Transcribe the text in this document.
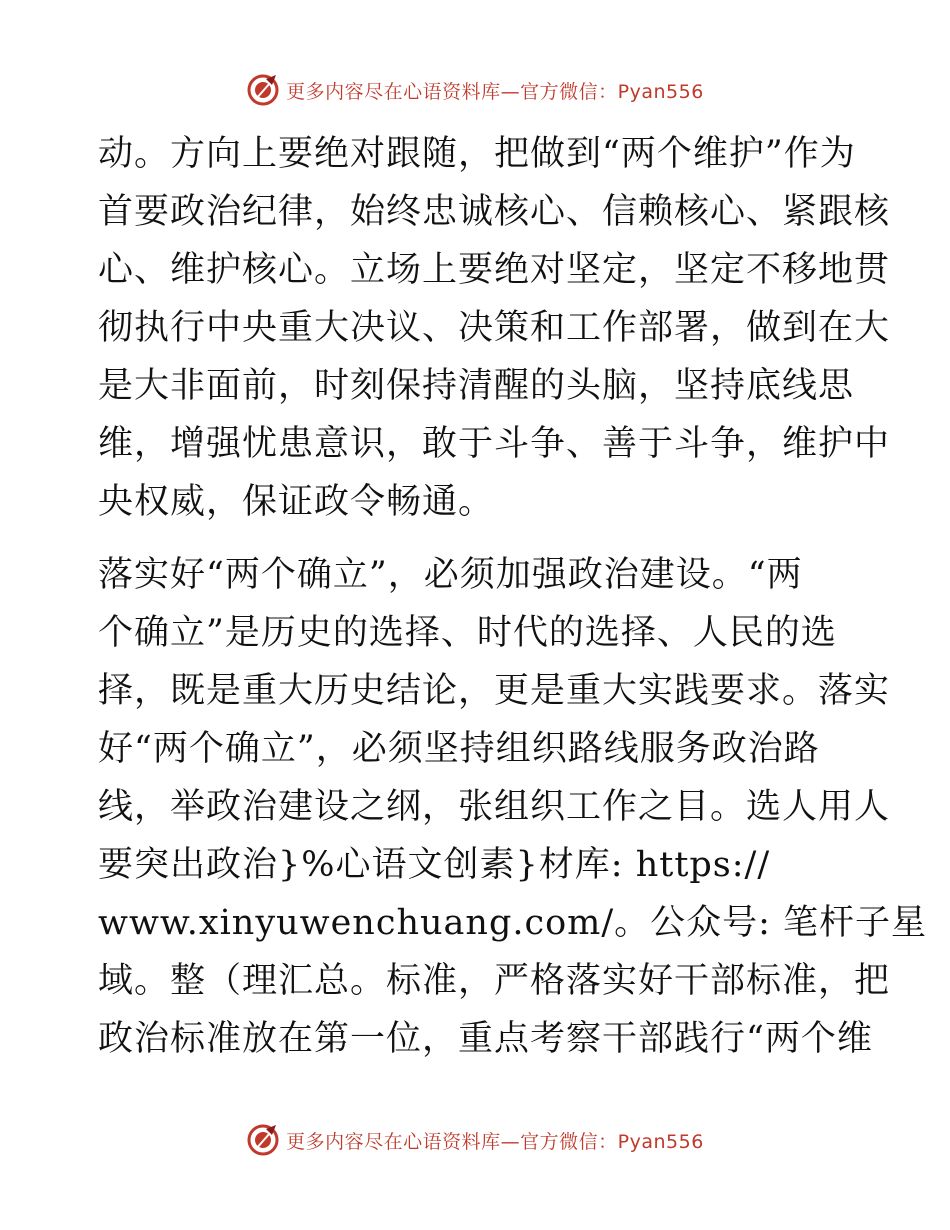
更多内容尽在心语资料库—官方微信：Pyan556
动。方向上要绝对跟随，把做到“两个维护”作为
首要政治纪律，始终忠诚核心、信赖核心、紧跟核
心、维护核心。立场上要绝对坚定，坚定不移地贯
彻执行中央重大决议、决策和工作部署，做到在大
是大非面前，时刻保持清醒的头脑，坚持底线思
维，增强忧患意识，敢于斗争、善于斗争，维护中
央权威，保证政令畅通。
落实好“两个确立”，必须加强政治建设。“两
个确立”是历史的选择、时代的选择、人民的选
择，既是重大历史结论，更是重大实践要求。落实
好“两个确立”，必须坚持组织路线服务政治路
线，举政治建设之纲，张组织工作之目。选人用人
要突出政治}%心语文创素}材库: https://
www.xinyuwenchuang.com/。公众号: 笔杆子星
域。整（理汇总。标准，严格落实好干部标准，把
政治标准放在第一位，重点考察干部践行“两个维
更多内容尽在心语资料库—官方微信：Pyan556
